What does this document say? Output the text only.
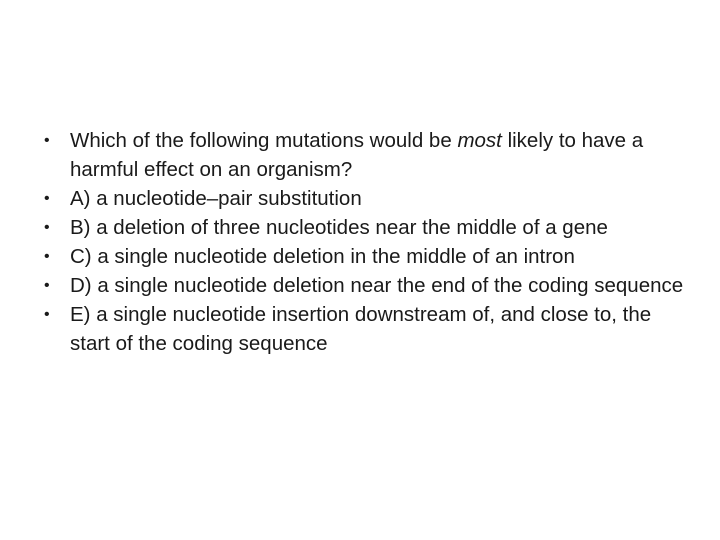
• Which of the following mutations would be most likely to have a harmful effect on an organism?
• A) a nucleotide–pair substitution
• B) a deletion of three nucleotides near the middle of a gene
• C) a single nucleotide deletion in the middle of an intron
• D) a single nucleotide deletion near the end of the coding sequence
• E) a single nucleotide insertion downstream of, and close to, the start of the coding sequence
